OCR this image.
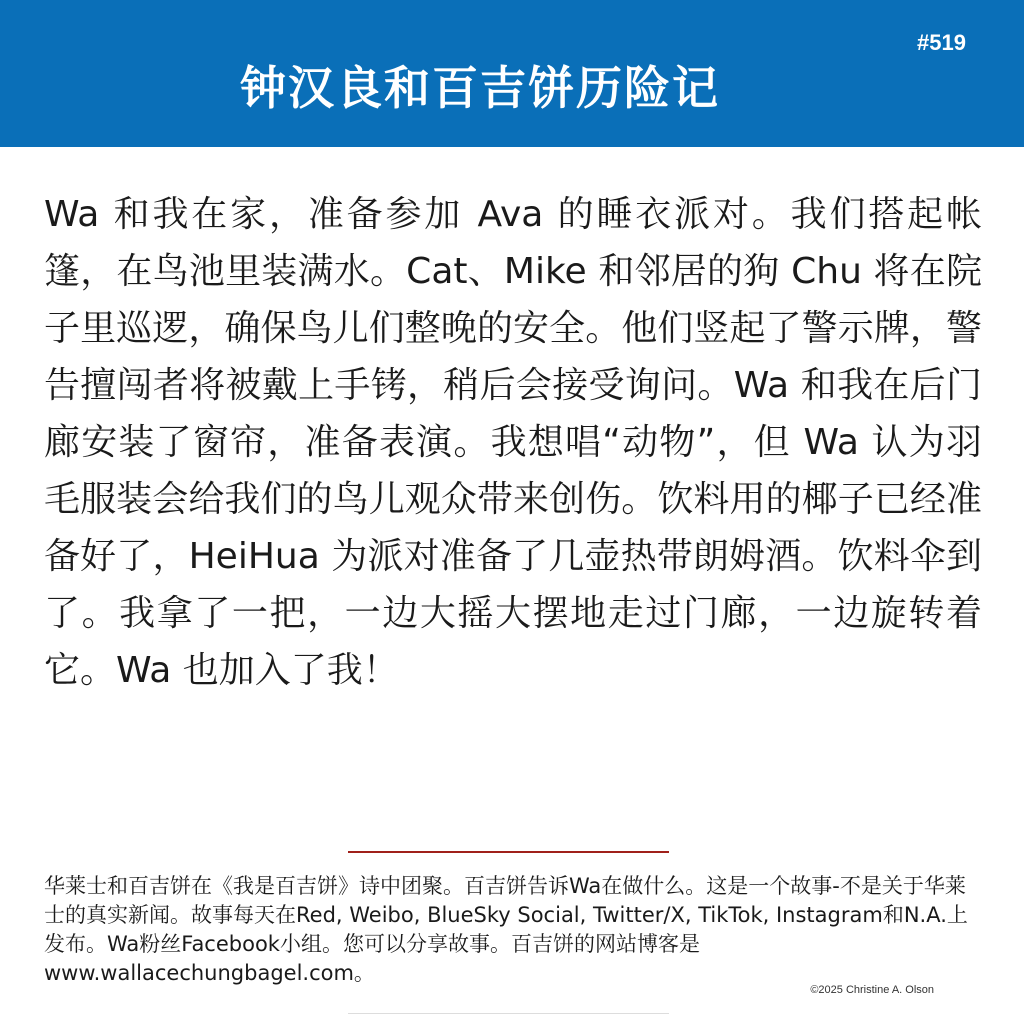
钟汉良和百吉饼历险记
#519

Wa 和我在家，准备参加 Ava 的睡衣派对。我们搭起帐篷，在鸟池里装满水。Cat、Mike 和邻居的狗 Chu 将在院子里巡逻，确保鸟儿们整晚的安全。他们竖起了警示牌，警告擅闯者将被戴上手铐，稍后会接受询问。Wa 和我在后门廊安装了窗帘，准备表演。我想唱“动物”，但 Wa 认为羽毛服装会给我们的鸟儿观众带来创伤。饮料用的椰子已经准备好了，HeiHua 为派对准备了几壶热带朗姆酒。饮料伞到了。我拿了一把，一边大摇大摆地走过门廊，一边旋转着它。Wa 也加入了我！

华莱士和百吉饼在《我是百吉饼》诗中团聚。百吉饼告诉Wa在做什么。这是一个故事-不是关于华莱士的真实新闻。故事每天在Red, Weibo, BlueSky Social, Twitter/X, TikTok, Instagram和N.A.上发布。Wa粉丝Facebook小组。您可以分享故事。百吉饼的网站博客是www.wallacechungbagel.com。

©2025 Christine A. Olson
